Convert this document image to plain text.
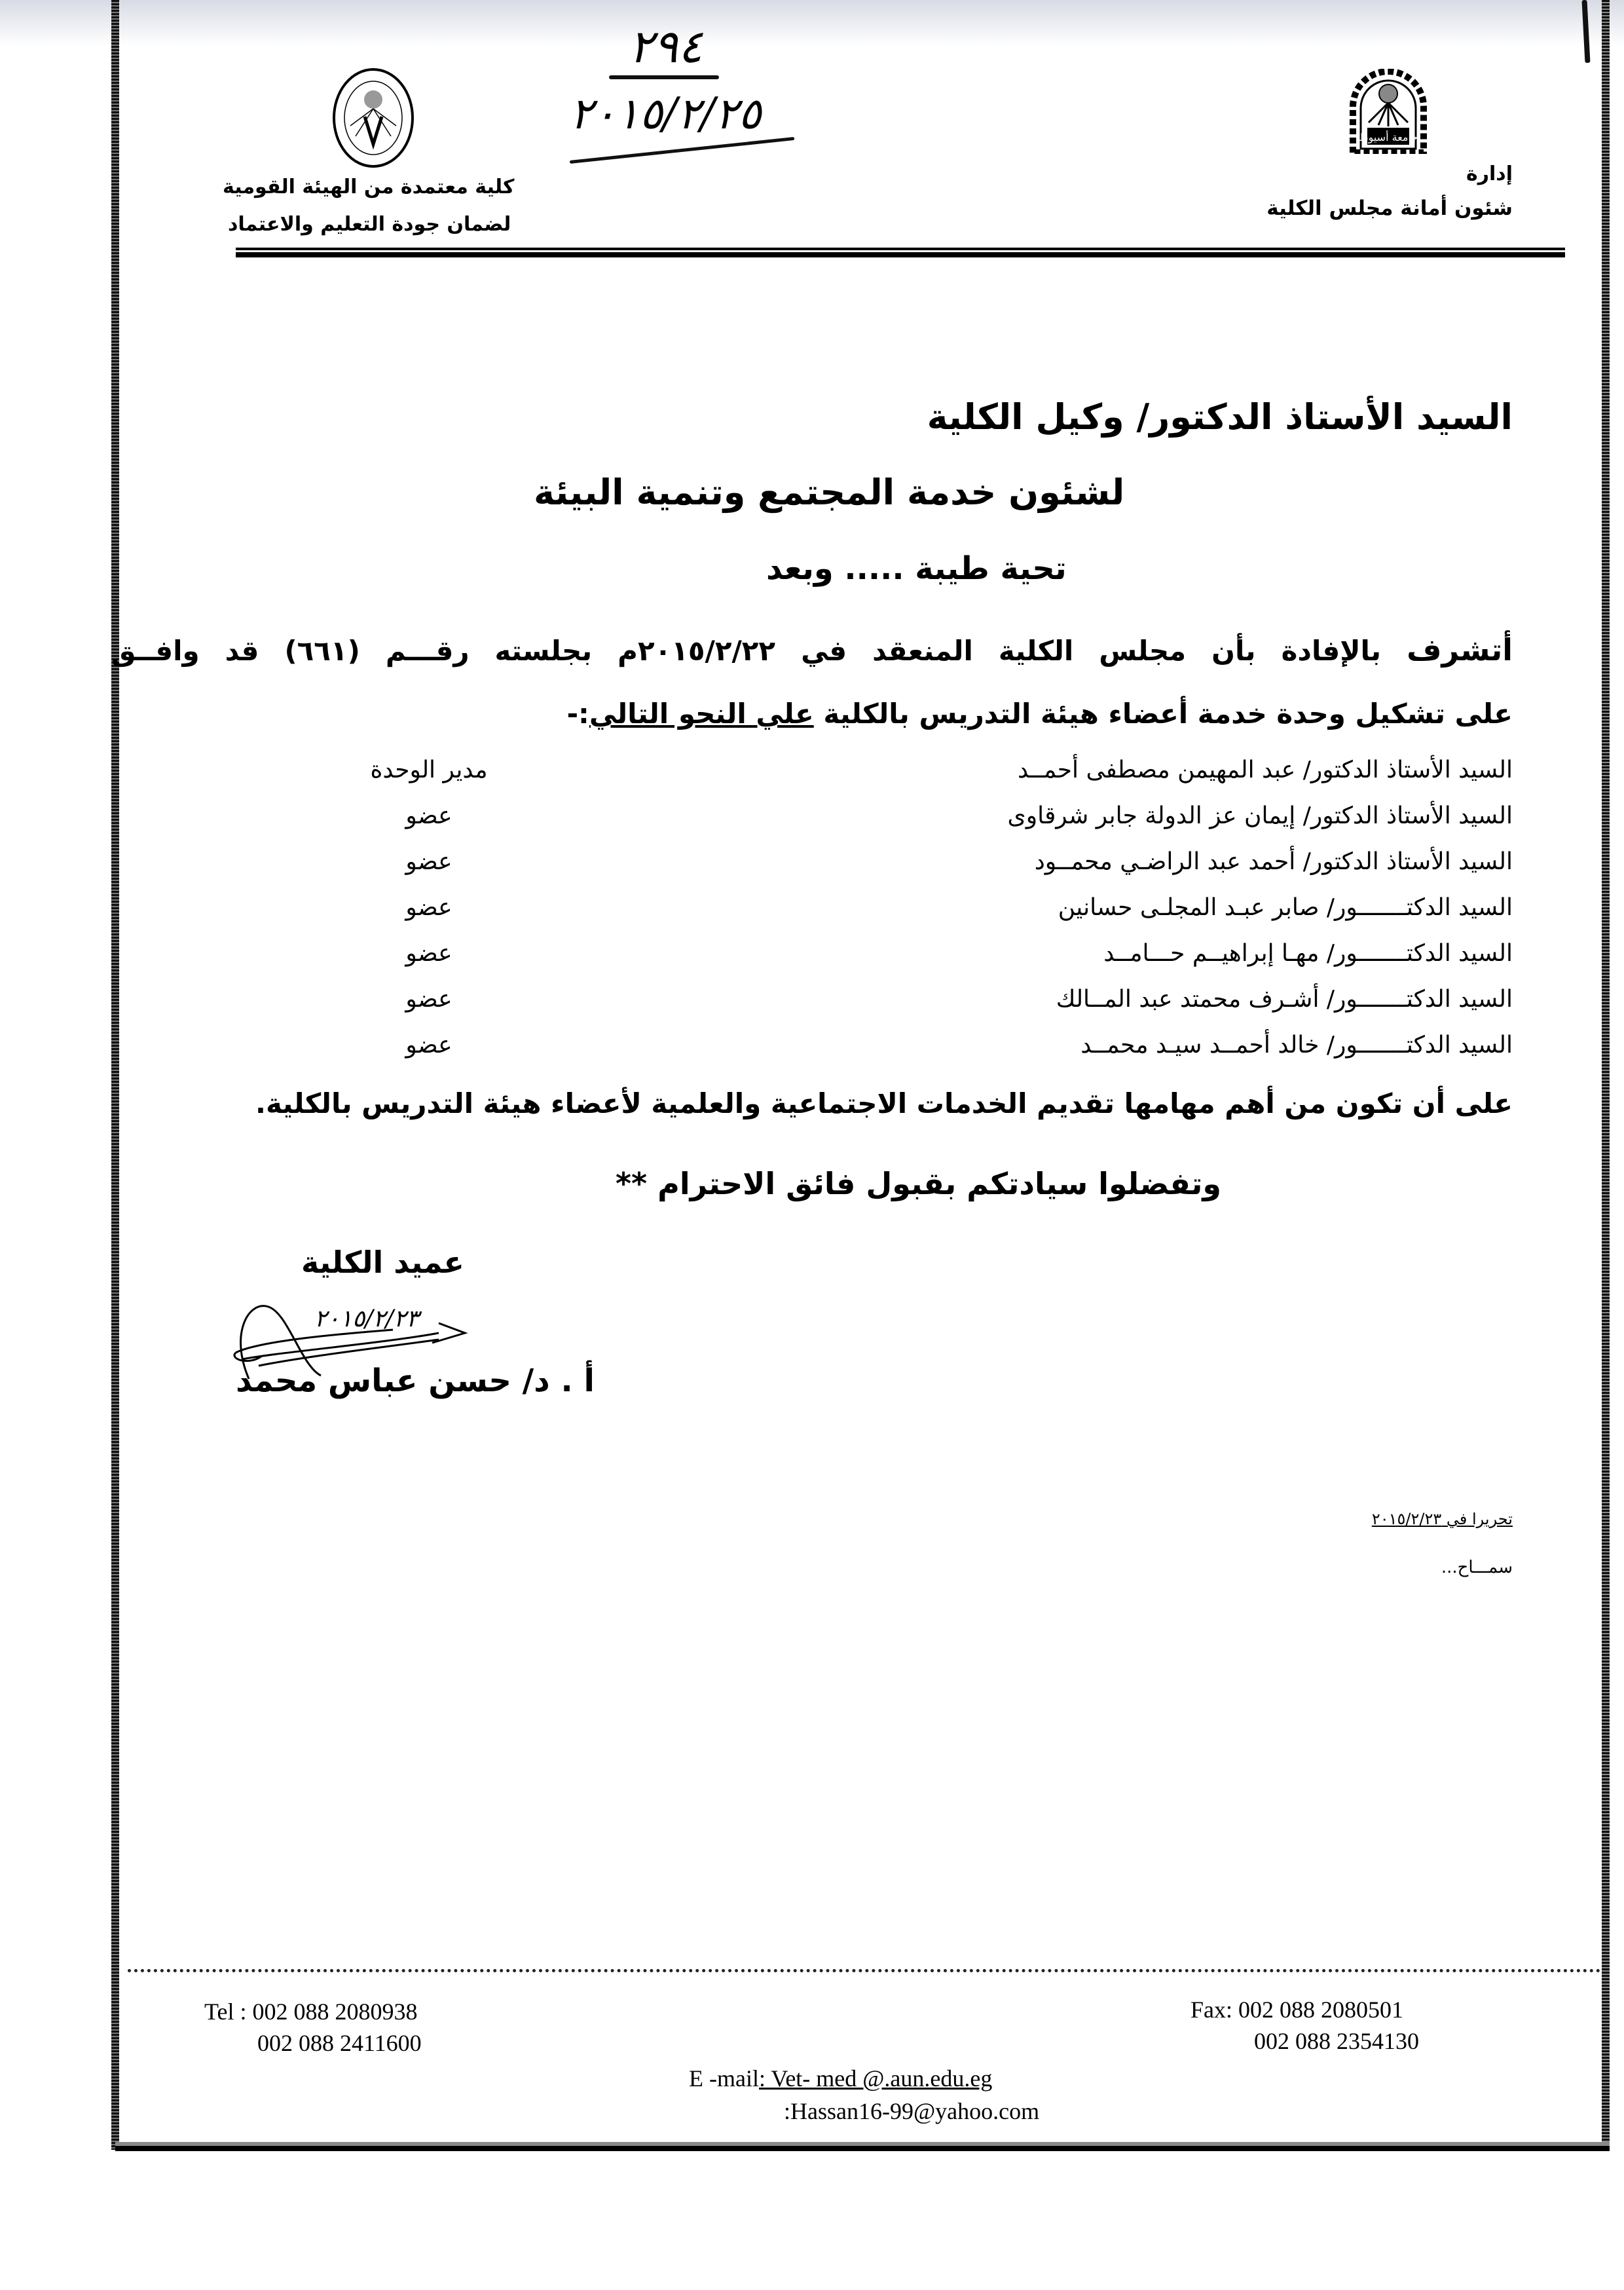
جامعة أسيوط
إدارة
شئون أمانة مجلس الكلية
كلية معتمدة من الهيئة القومية
لضمان جودة التعليم والاعتماد
٢٩٤
٢٠١٥/٢/٢٥
السيد الأستاذ الدكتور/ وكيل الكلية
لشئون خدمة المجتمع وتنمية البيئة
تحية طيبة ..... وبعد
أتشرف بالإفادة بأن مجلس الكلية المنعقد في ٢٠١٥/٢/٢٢م بجلسته رقـــم (٦٦١) قد وافــق
على تشكيل وحدة خدمة أعضاء هيئة التدريس بالكلية علي النحو التالي:-
السيد الأستاذ الدكتور/ عبد المهيمن مصطفى أحمــد
مدير الوحدة
السيد الأستاذ الدكتور/ إيمان عز الدولة جابر شرقاوى
عضو
السيد الأستاذ الدكتور/ أحمد عبد الراضـي محمــود
عضو
السيد الدكتـــــــور/ صابر عبـد المجلـى حسانين
عضو
السيد الدكتـــــــور/ مهـا إبراهيــم حـــامــد
عضو
السيد الدكتـــــــور/ أشـرف محمتد عبد المــالك
عضو
السيد الدكتـــــــور/ خالد أحمــد سيـد محمــد
عضو
على أن تكون من أهم مهامها تقديم الخدمات الاجتماعية والعلمية لأعضاء هيئة التدريس بالكلية.
وتفضلوا سيادتكم بقبول فائق الاحترام **
عميد الكلية
٢٠١٥/٢/٢٣
أ . د/ حسن عباس محمد
تحريرا في ٢٠١٥/٢/٢٣
سمـــاح...
Tel : 002 088 2080938
002 088 2411600
Fax: 002 088 2080501
002 088 2354130
E -mail: Vet- med @.aun.edu.eg
:Hassan16-99@yahoo.com
